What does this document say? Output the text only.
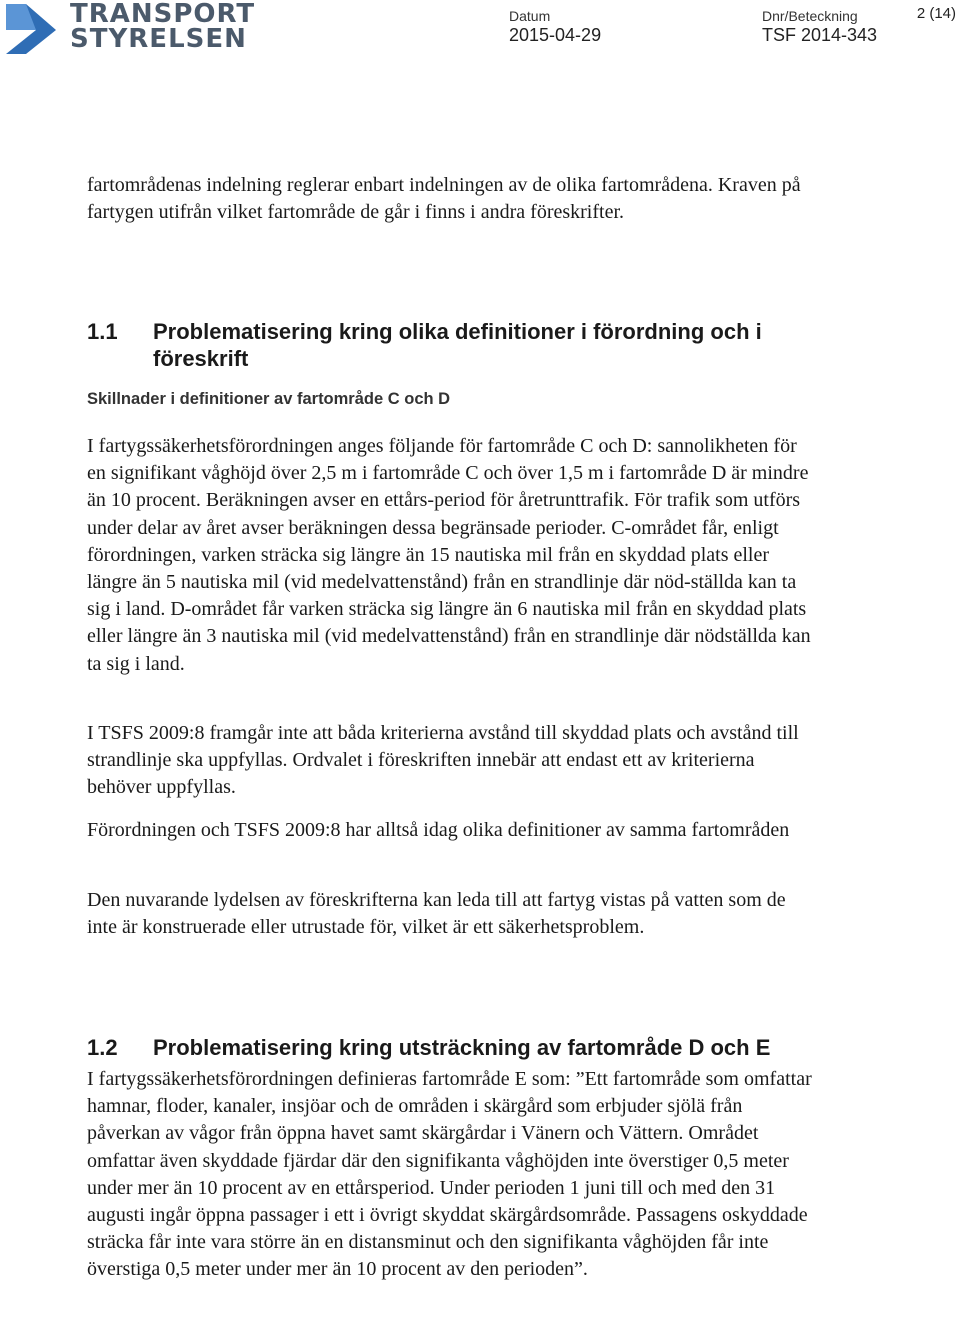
TRANSPORT
STYRELSEN
Datum
2015-04-29
Dnr/Beteckning
TSF 2014-343
2 (14)

fartområdenas indelning reglerar enbart indelningen av de olika fartområdena. Kraven på fartygen utifrån vilket fartområde de går i finns i andra föreskrifter.

1.1 Problematisering kring olika definitioner i förordning och i föreskrift
Skillnader i definitioner av fartområde C och D

I fartygssäkerhetsförordningen anges följande för fartområde C och D: sannolikheten för en signifikant våghöjd över 2,5 m i fartområde C och över 1,5 m i fartområde D är mindre än 10 procent. Beräkningen avser en ettårs-period för åretrunttrafik. För trafik som utförs under delar av året avser beräkningen dessa begränsade perioder. C-området får, enligt förordningen, varken sträcka sig längre än 15 nautiska mil från en skyddad plats eller längre än 5 nautiska mil (vid medelvattenstånd) från en strandlinje där nöd-ställda kan ta sig i land. D-området får varken sträcka sig längre än 6 nautiska mil från en skyddad plats eller längre än 3 nautiska mil (vid medelvattenstånd) från en strandlinje där nödställda kan ta sig i land.

I TSFS 2009:8 framgår inte att båda kriterierna avstånd till skyddad plats och avstånd till strandlinje ska uppfyllas. Ordvalet i föreskriften innebär att endast ett av kriterierna behöver uppfyllas.

Förordningen och TSFS 2009:8 har alltså idag olika definitioner av samma fartområden

Den nuvarande lydelsen av föreskrifterna kan leda till att fartyg vistas på vatten som de inte är konstruerade eller utrustade för, vilket är ett säkerhetsproblem.

1.2 Problematisering kring utsträckning av fartområde D och E

I fartygssäkerhetsförordningen definieras fartområde E som: ”Ett fartområde som omfattar hamnar, floder, kanaler, insjöar och de områden i skärgård som erbjuder sjölä från påverkan av vågor från öppna havet samt skärgårdar i Vänern och Vättern. Området omfattar även skyddade fjärdar där den signifikanta våghöjden inte överstiger 0,5 meter under mer än 10 procent av en ettårsperiod. Under perioden 1 juni till och med den 31 augusti ingår öppna passager i ett i övrigt skyddat skärgårdsområde. Passagens oskyddade sträcka får inte vara större än en distansminut och den signifikanta våghöjden får inte överstiga 0,5 meter under mer än 10 procent av den perioden”.
